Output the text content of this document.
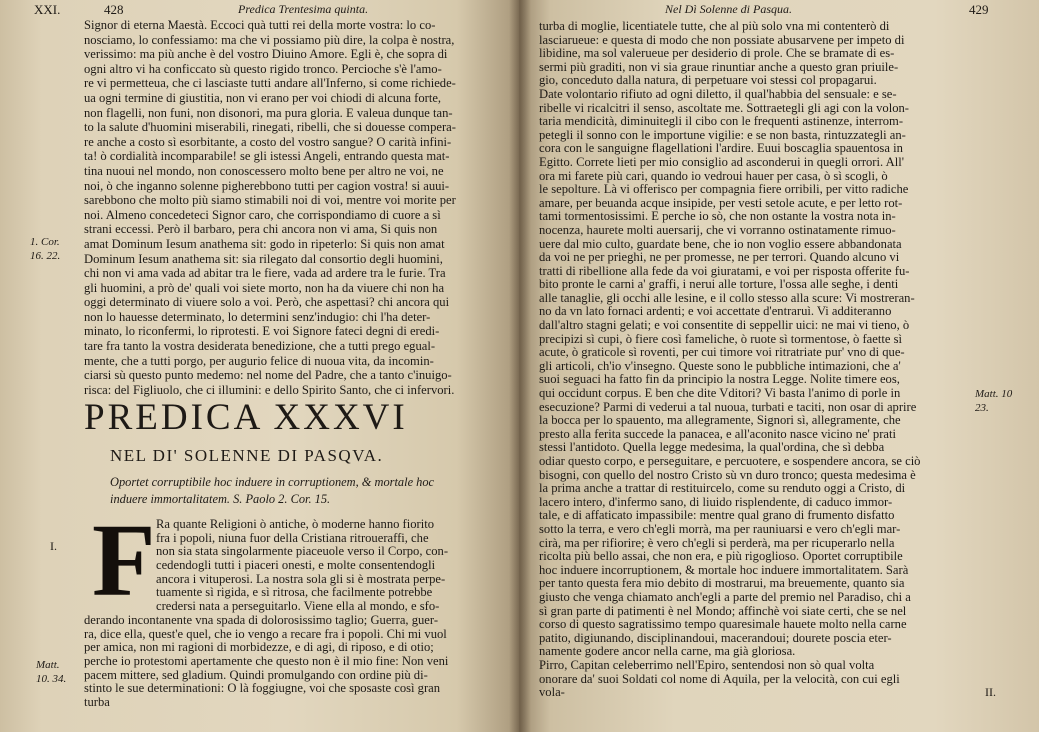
XXI.	428	Predica Trentesima quinta.
Signor di eterna Maestà. Eccoci quà tutti rei della morte vostra: lo co-
nosciamo, lo confessiamo: ma che vi possiamo più dire, la colpa è nostra,
verissimo: ma più anche è del vostro Diuino Amore. Egli è, che sopra di
ogni altro vi ha conficcato sù questo rigido tronco. Percioche s'è l'amo-
re vi permetteua, che ci lasciaste tutti andare all'Inferno, si come richiede-
ua ogni termine di giustitia, non vi erano per voi chiodi di alcuna forte,
non flagelli, non funi, non disonori, ma pura gloria. E valeua dunque tan-
to la salute d'huomini miserabili, rinegati, ribelli, che si douesse compera-
re anche a costo sì esorbitante, a costo del vostro sangue? O carità infini-
ta! ò cordialità incomparabile! se gli istessi Angeli, entrando questa mat-
tina nuoui nel mondo, non conoscessero molto bene per altro ne voi, ne
noi, ò che inganno solenne pigherebbono tutti per cagion vostra! si auui-
sarebbono che molto più siamo stimabili noi di voi, mentre voi morite per
noi. Almeno concedeteci Signor caro, che corrispondiamo di cuore a sì
strani eccessi. Però il barbaro, pera chi ancora non vi ama, Si quis non
amat Dominum Iesum anathema sit: godo in ripeterlo: Si quis non amat
Dominum Iesum anathema sit: sia rilegato dal consortio degli huomini,
chi non vi ama vada ad abitar tra le fiere, vada ad ardere tra le furie. Tra
gli huomini, a prò de' quali voi siete morto, non ha da viuere chi non ha
oggi determinato di viuere solo a voi. Però, che aspettasi? chi ancora qui
non lo hauesse determinato, lo determini senz'indugio: chi l'ha deter-
minato, lo riconfermi, lo riprotesti. E voi Signore fateci degni di eredi-
tare fra tanto la vostra desiderata benedizione, che a tutti prego egual-
mente, che a tutti porgo, per augurio felice di nuoua vita, da incomin-
ciarsi sù questo punto medemo: nel nome del Padre, che a tanto c'inuigo-
risca: del Figliuolo, che ci illumini: e dello Spirito Santo, che ci infervori.
1. Cor.
16. 22.
PREDICA XXXVI
NEL DI' SOLENNE DI PASQVA.
Oportet corruptibile hoc induere in corruptionem, & mortale hoc
induere immortalitatem. S. Paolo 2. Cor. 15.
I. F Ra quante Religioni ò antiche, ò moderne hanno fiorito
fra i popoli, niuna fuor della Cristiana ritroueraffi, che
non sia stata singolarmente piaceuole verso il Corpo, con-
cedendogli tutti i piaceri onesti, e molte consentendogli
ancora i vituperosi. La nostra sola gli si è mostrata perpe-
tuamente sì rigida, e sì ritrosa, che facilmente potrebbe
credersi nata a perseguitarlo. Viene ella al mondo, e sfo-
derando incontanente vna spada di dolorosissimo taglio; Guerra, guer-
ra, dice ella, quest'e quel, che io vengo a recare fra i popoli. Chi mi vuol
per amica, non mi ragioni di morbidezze, e di agi, di riposo, e di otio;
perche io protestomi apertamente che questo non è il mio fine: Non veni
pacem mittere, sed gladium. Quindi promulgando con ordine più di-
stinto le sue determinationi: O là foggiugne, voi che sposaste così gran
turba
Matt.
10. 34.
Nel Dì Solenne di Pasqua.	429
turba di moglie, licentiatele tutte, che al più solo vna mi contenterò di
lasciarueue: e questa di modo che non possiate abusarvene per impeto di
libidine, ma sol valerueue per desiderio di prole. Che se bramate di es-
sermi più graditi, non vi sia graue rinuntiar anche a questo gran priuile-
gio, conceduto dalla natura, di perpetuare voi stessi col propagarui.
Date volontario rifiuto ad ogni diletto, il qual'habbia del sensuale: e se-
ribelle vi ricalcitri il senso, ascoltate me. Sottraetegli gli agi con la volon-
taria mendicità, diminuitegli il cibo con le frequenti astinenze, interrom-
petegli il sonno con le importune vigilie: e se non basta, rintuzzategli an-
cora con le sanguigne flagellationi l'ardire. Euui boscaglia spauentosa in
Egitto. Correte lieti per mio consiglio ad asconderui in quegli orrori. All'
ora mi farete più cari, quando io vedroui hauer per casa, ò sì scogli, ò
le sepolture. Là vi offerisco per compagnia fiere orribili, per vitto radiche
amare, per beuanda acque insipide, per vesti setole acute, e per letto rot-
tami tormentosissimi. E perche io sò, che non ostante la vostra nota in-
nocenza, haurete molti auersarij, che vi vorranno ostinatamente rimuo-
uere dal mio culto, guardate bene, che io non voglio essere abbandonata
da voi ne per prieghi, ne per promesse, ne per terrori. Quando alcuno vi
tratti di ribellione alla fede da voi giuratami, e voi per risposta offerite fu-
bito pronte le carni a' graffi, i nerui alle torture, l'ossa alle seghe, i denti
alle tanaglie, gli occhi alle lesine, e il collo stesso alla scure: Vi mostreran-
no da vn lato fornaci ardenti; e voi accettate d'entraruì. Vi additeranno
dall'altro stagni gelati; e voi consentite di seppellir uici: ne mai vi tieno, ò
precipizi sì cupi, ò fiere così fameliche, ò ruote sì tormentose, ò faette sì
acute, ò graticole sì roventi, per cui timore voi ritratriate pur' vno di que-
gli articoli, ch'io v'insegno. Queste sono le pubbliche intimazioni, che a'
suoi seguaci ha fatto fin da principio la nostra Legge. Nolite timere eos,
qui occidunt corpus. E ben che dite Vditori? Vi basta l'animo di porle in
esecuzione? Parmi di vederui a tal nuoua, turbati e taciti, non osar di aprire
la bocca per lo spauento, ma allegramente, Signori sì, allegramente, che
presto alla ferita succede la panacea, e all'aconito nasce vicino ne' prati
stessi l'antidoto. Quella legge medesima, la qual'ordina, che sì debba
odiar questo corpo, e perseguitare, e percuotere, e sospendere ancora, se ciò
bisogni, con quello del nostro Cristo sù vn duro tronco; questa medesima è
la prima anche a trattar di restituircelo, come su renduto oggi a Cristo, di
lacero intero, d'infermo sano, di liuido risplendente, di caduco immor-
tale, e di affaticato impassibile: mentre qual grano di frumento disfatto
sotto la terra, e vero ch'egli morrà, ma per rauniuarsi e vero ch'egli mar-
cirà, ma per rifiorire; è vero ch'egli si perderà, ma per ricuperarlo nella
ricolta più bello assai, che non era, e più rigoglioso. Oportet corruptibile
hoc induere incorruptionem, & mortale hoc induere immortalitatem. Sarà
per tanto questa fera mio debito di mostrarui, ma breuemente, quanto sia
giusto che venga chiamato anch'egli a parte del premio nel Paradiso, chi a
sì gran parte di patimenti è nel Mondo; affinchè voi siate certi, che se nel
corso di questo sagratissimo tempo quaresimale hauete molto nella carne
patito, digiunando, disciplinandoui, macerandoui; dourete poscia eter-
namente godere ancor nella carne, ma già gloriosa.
Pirro, Capitan celeberrimo nell'Epiro, sentendosi non sò qual volta
onorare da' suoi Soldati col nome di Aquila, per la velocità, con cui egli
vola-
Matt. 10
23.
II.
